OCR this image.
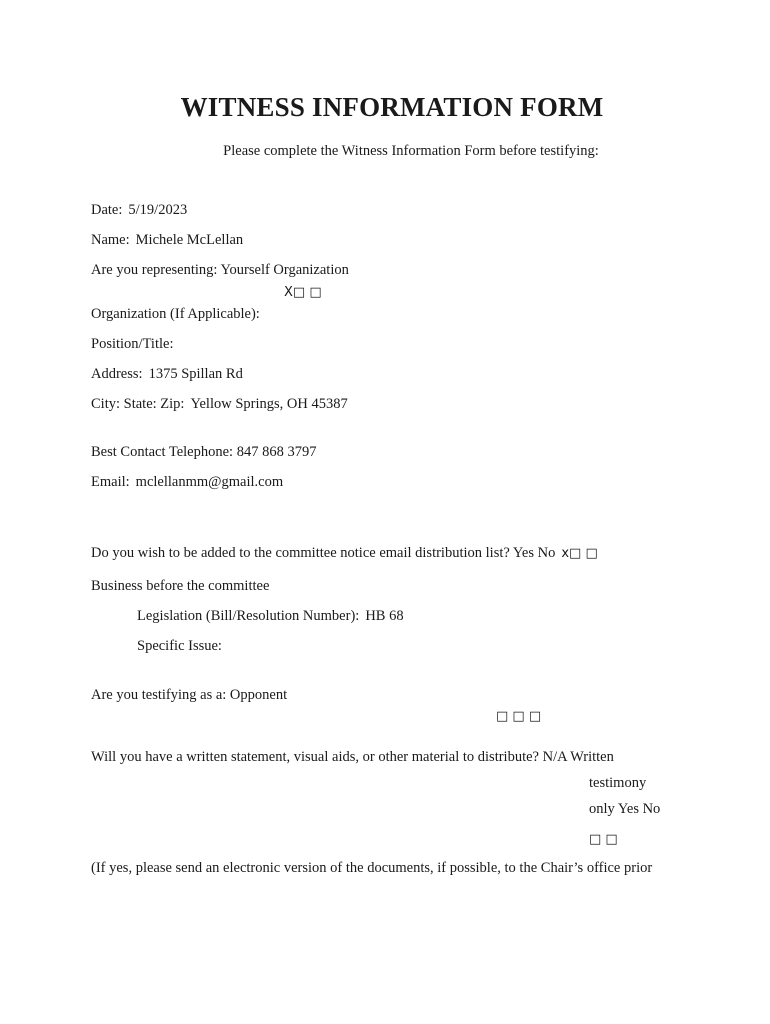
WITNESS INFORMATION FORM
Please complete the Witness Information Form before testifying:
Date: 5/19/2023
Name: Michele McLellan
Are you representing: Yourself Organization
X□ □
Organization (If Applicable):
Position/Title:
Address: 1375 Spillan Rd
City: State: Zip: Yellow Springs, OH 45387
Best Contact Telephone: 847 868 3797
Email: mclellanmm@gmail.com
Do you wish to be added to the committee notice email distribution list? Yes No x□ □
Business before the committee
Legislation (Bill/Resolution Number): HB 68
Specific Issue:
Are you testifying as a: Opponent
□ □ □
Will you have a written statement, visual aids, or other material to distribute? N/A Written
testimony
only Yes No
□ □
(If yes, please send an electronic version of the documents, if possible, to the Chair’s office prior
